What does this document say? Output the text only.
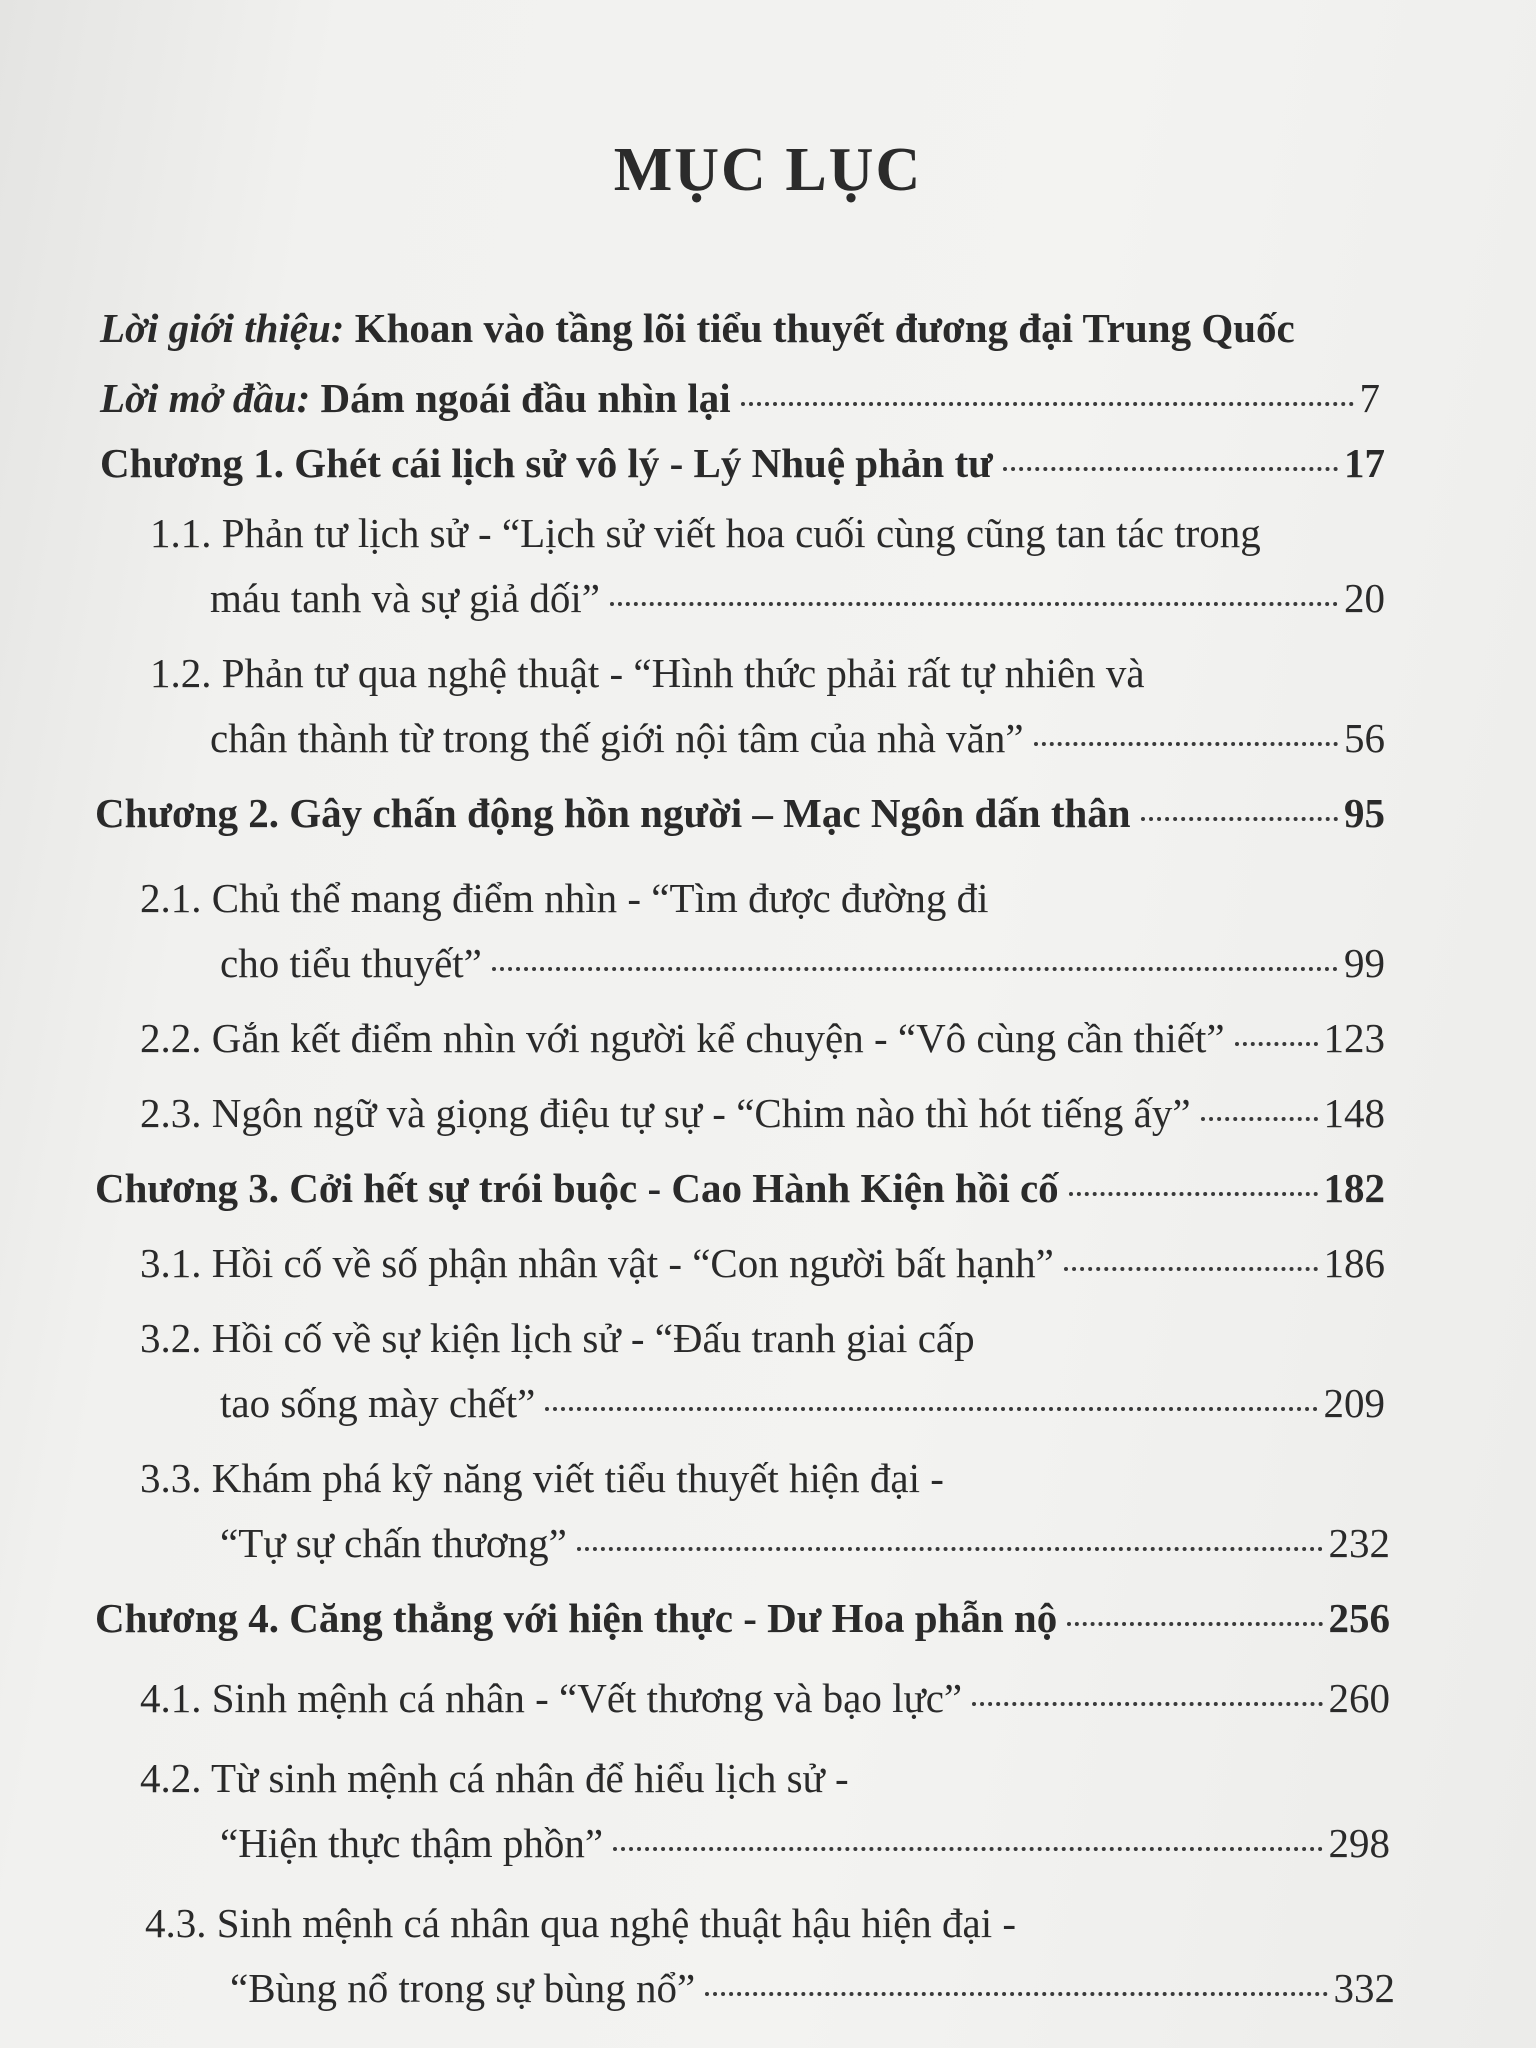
MỤC LỤC
Lời giới thiệu: Khoan vào tầng lõi tiểu thuyết đương đại Trung Quốc
Lời mở đầu: Dám ngoái đầu nhìn lại	7
Chương 1. Ghét cái lịch sử vô lý - Lý Nhuệ phản tư	17
1.1. Phản tư lịch sử - “Lịch sử viết hoa cuối cùng cũng tan tác trong
máu tanh và sự giả dối”	20
1.2. Phản tư qua nghệ thuật - “Hình thức phải rất tự nhiên và
chân thành từ trong thế giới nội tâm của nhà văn”	56
Chương 2. Gây chấn động hồn người – Mạc Ngôn dấn thân	95
2.1. Chủ thể mang điểm nhìn - “Tìm được đường đi
cho tiểu thuyết”	99
2.2. Gắn kết điểm nhìn với người kể chuyện - “Vô cùng cần thiết” 123
2.3. Ngôn ngữ và giọng điệu tự sự - “Chim nào thì hót tiếng ấy”	148
Chương 3. Cởi hết sự trói buộc - Cao Hành Kiện hồi cố	182
3.1. Hồi cố về số phận nhân vật - “Con người bất hạnh”	186
3.2. Hồi cố về sự kiện lịch sử - “Đấu tranh giai cấp
tao sống mày chết”	209
3.3. Khám phá kỹ năng viết tiểu thuyết hiện đại -
“Tự sự chấn thương”	232
Chương 4. Căng thẳng với hiện thực - Dư Hoa phẫn nộ	256
4.1. Sinh mệnh cá nhân - “Vết thương và bạo lực”	260
4.2. Từ sinh mệnh cá nhân để hiểu lịch sử -
“Hiện thực thậm phồn”	298
4.3. Sinh mệnh cá nhân qua nghệ thuật hậu hiện đại -
“Bùng nổ trong sự bùng nổ”	332
